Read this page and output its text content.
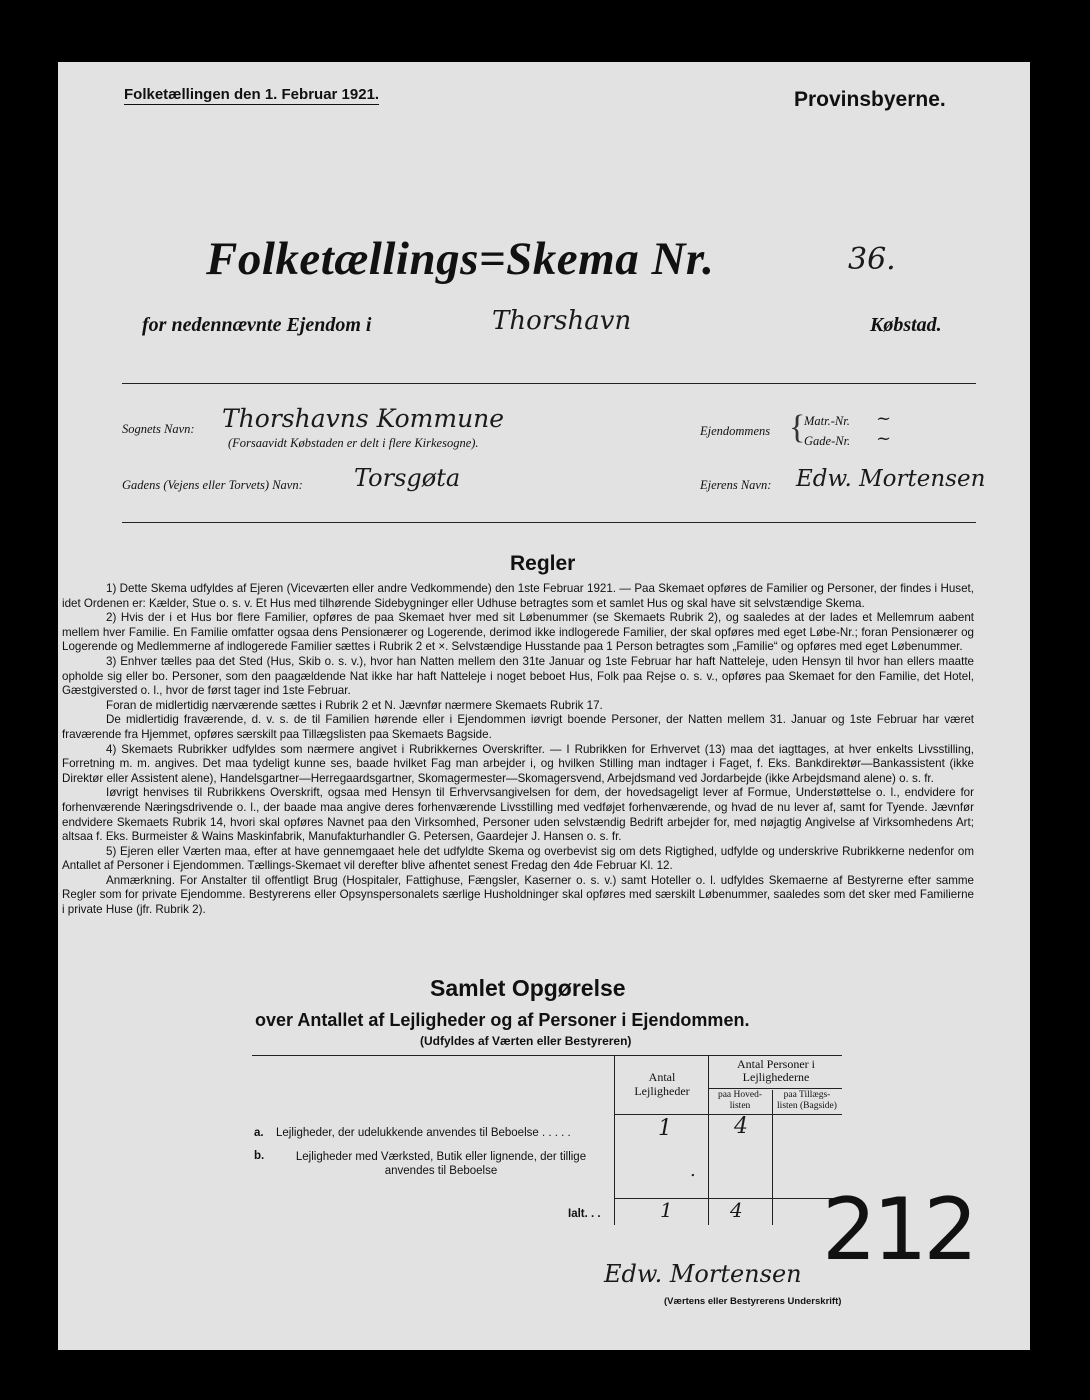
Folketællingen den 1. Februar 1921.	Provinsbyerne.
Folketællings=Skema Nr.	36.
for nedennævnte Ejendom i	Thorshavn	Købstad.
Sognets Navn: Thorshavns Kommune
(Forsaavidt Købstaden er delt i flere Kirkesogne).
Ejendommens {
Matr.-Nr. ~
Gade-Nr. ~
Gadens (Vejens eller Torvets) Navn: Torsgøta	Ejerens Navn: Edw. Mortensen
Regler

1) Dette Skema udfyldes af Ejeren (Viceværten eller andre Vedkommende) den 1ste Februar 1921. — Paa Skemaet opføres de Familier og Personer, der findes i Huset, idet Ordenen er: Kælder, Stue o. s. v. Et Hus med tilhørende Sidebygninger eller Udhuse betragtes som et samlet Hus og skal have sit selvstændige Skema.

2) Hvis der i et Hus bor flere Familier, opføres de paa Skemaet hver med sit Løbenummer (se Skemaets Rubrik 2), og saaledes at der lades et Mellemrum aabent mellem hver Familie. En Familie omfatter ogsaa dens Pensionærer og Logerende, derimod ikke indlogerede Familier, der skal opføres med eget Løbe-Nr.; foran Pensionærer og Logerende og Medlemmerne af indlogerede Familier sættes i Rubrik 2 et ×. Selvstændige Husstande paa 1 Person betragtes som „Familie“ og opføres med eget Løbenummer.

3) Enhver tælles paa det Sted (Hus, Skib o. s. v.), hvor han Natten mellem den 31te Januar og 1ste Februar har haft Natteleje, uden Hensyn til hvor han ellers maatte opholde sig eller bo. Personer, som den paagældende Nat ikke har haft Natteleje i noget beboet Hus, Folk paa Rejse o. s. v., opføres paa Skemaet for den Familie, det Hotel, Gæstgiversted o. l., hvor de først tager ind 1ste Februar.

Foran de midlertidig nærværende sættes i Rubrik 2 et N. Jævnfør nærmere Skemaets Rubrik 17.

De midlertidig fraværende, d. v. s. de til Familien hørende eller i Ejendommen iøvrigt boende Personer, der Natten mellem 31. Januar og 1ste Februar har været fraværende fra Hjemmet, opføres særskilt paa Tillægslisten paa Skemaets Bagside.

4) Skemaets Rubrikker udfyldes som nærmere angivet i Rubrikkernes Overskrifter. — I Rubrikken for Erhvervet (13) maa det iagttages, at hver enkelts Livsstilling, Forretning m. m. angives. Det maa tydeligt kunne ses, baade hvilket Fag man arbejder i, og hvilken Stilling man indtager i Faget, f. Eks. Bankdirektør—Bankassistent (ikke Direktør eller Assistent alene), Handelsgartner—Herregaardsgartner, Skomagermester—Skomagersvend, Arbejdsmand ved Jordarbejde (ikke Arbejdsmand alene) o. s. fr.

Iøvrigt henvises til Rubrikkens Overskrift, ogsaa med Hensyn til Erhvervsangivelsen for dem, der hovedsageligt lever af Formue, Understøttelse o. l., endvidere for forhenværende Næringsdrivende o. l., der baade maa angive deres forhenværende Livsstilling med vedføjet forhenværende, og hvad de nu lever af, samt for Tyende. Jævnfør endvidere Skemaets Rubrik 14, hvori skal opføres Navnet paa den Virksomhed, Personer uden selvstændig Bedrift arbejder for, med nøjagtig Angivelse af Virksomhedens Art; altsaa f. Eks. Burmeister & Wains Maskinfabrik, Manufakturhandler G. Petersen, Gaardejer J. Hansen o. s. fr.

5) Ejeren eller Værten maa, efter at have gennemgaaet hele det udfyldte Skema og overbevist sig om dets Rigtighed, udfylde og underskrive Rubrikkerne nedenfor om Antallet af Personer i Ejendommen. Tællings-Skemaet vil derefter blive afhentet senest Fredag den 4de Februar Kl. 12.

Anmærkning. For Anstalter til offentligt Brug (Hospitaler, Fattighuse, Fængsler, Kaserner o. s. v.) samt Hoteller o. l. udfyldes Skemaerne af Bestyrerne efter samme Regler som for private Ejendomme. Bestyrerens eller Opsynspersonalets særlige Husholdninger skal opføres med særskilt Løbenummer, saaledes som det sker med Familierne i private Huse (jfr. Rubrik 2).

Samlet Opgørelse
over Antallet af Lejligheder og af Personer i Ejendommen.
(Udfyldes af Værten eller Bestyreren)
Antal Lejligheder
Antal Personer i Lejlighederne
paa Hoved-listen
paa Tillægs-listen (Bagside)
a. Lejligheder, der udelukkende anvendes til Beboelse . . . . .	1	4
b.	Lejligheder med Værksted, Butik eller lignende, der tillige anvendes til Beboelse	.
Ialt. . .	1	4 212
Edw. Mortensen
(Værtens eller Bestyrerens Underskrift)
